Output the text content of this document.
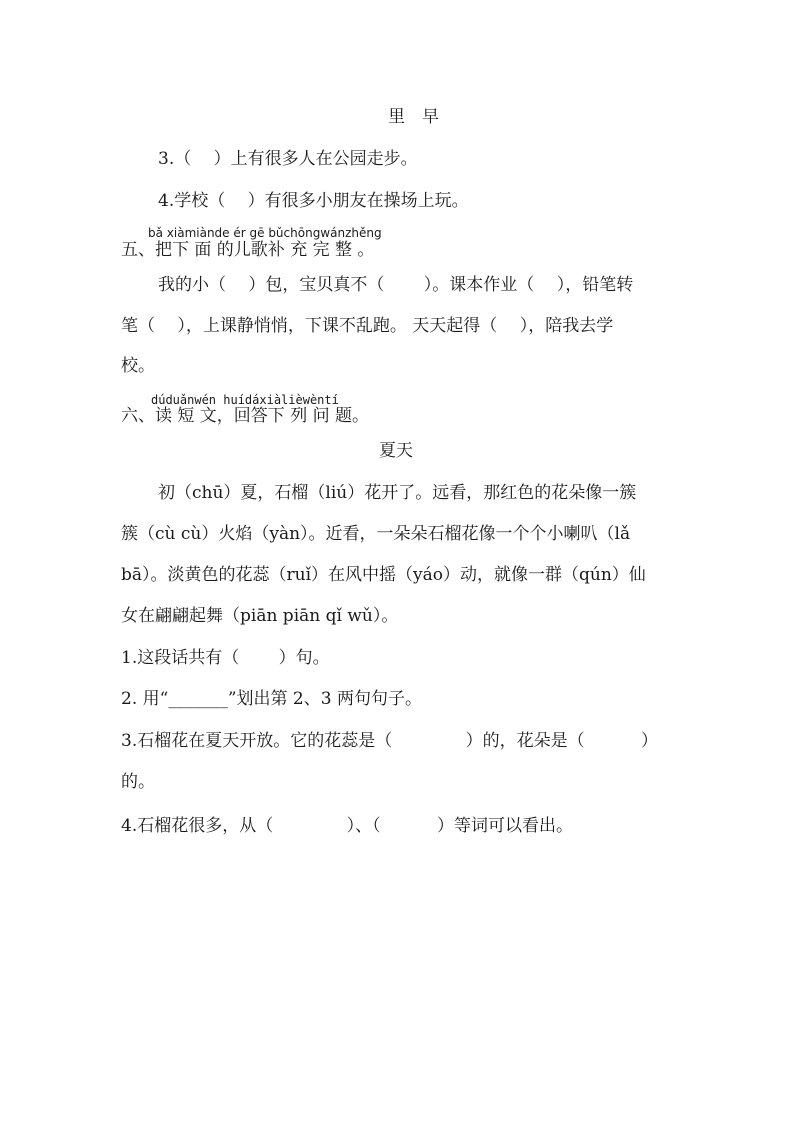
里　早
3.（　 ）上有很多人在公园走步。
4.学校（　 ）有很多小朋友在操场上玩。
bǎ xiàmiànde ér gē bǔchōngwánzhěng
五、把下 面 的儿歌补 充 完 整 。
我的小（　 ）包，宝贝真不（　　 ）。课本作业（　 ），铅笔转
笔（　 ），上课静悄悄，下课不乱跑。 天天起得（　 ），陪我去学
校。
dúduǎnwén huídáxiàlièwèntí
六、读 短 文，回答下 列 问 题。
夏天
初（chū）夏，石榴（liú）花开了。远看，那红色的花朵像一簇
簇（cù cù）火焰（yàn）。近看，一朵朵石榴花像一个个小喇叭（lǎ
bā）。淡黄色的花蕊（ruǐ）在风中摇（yáo）动，就像一群（qún）仙
女在翩翩起舞（piān piān qǐ wǔ）。
1.这段话共有（　　 ）句。
2. 用“_______”划出第 2、3 两句句子。
3.石榴花在夏天开放。它的花蕊是（　　　　 ）的，花朵是（　　　 ）
的。
4.石榴花很多，从（　　　　 ）、（　　　 ）等词可以看出。
